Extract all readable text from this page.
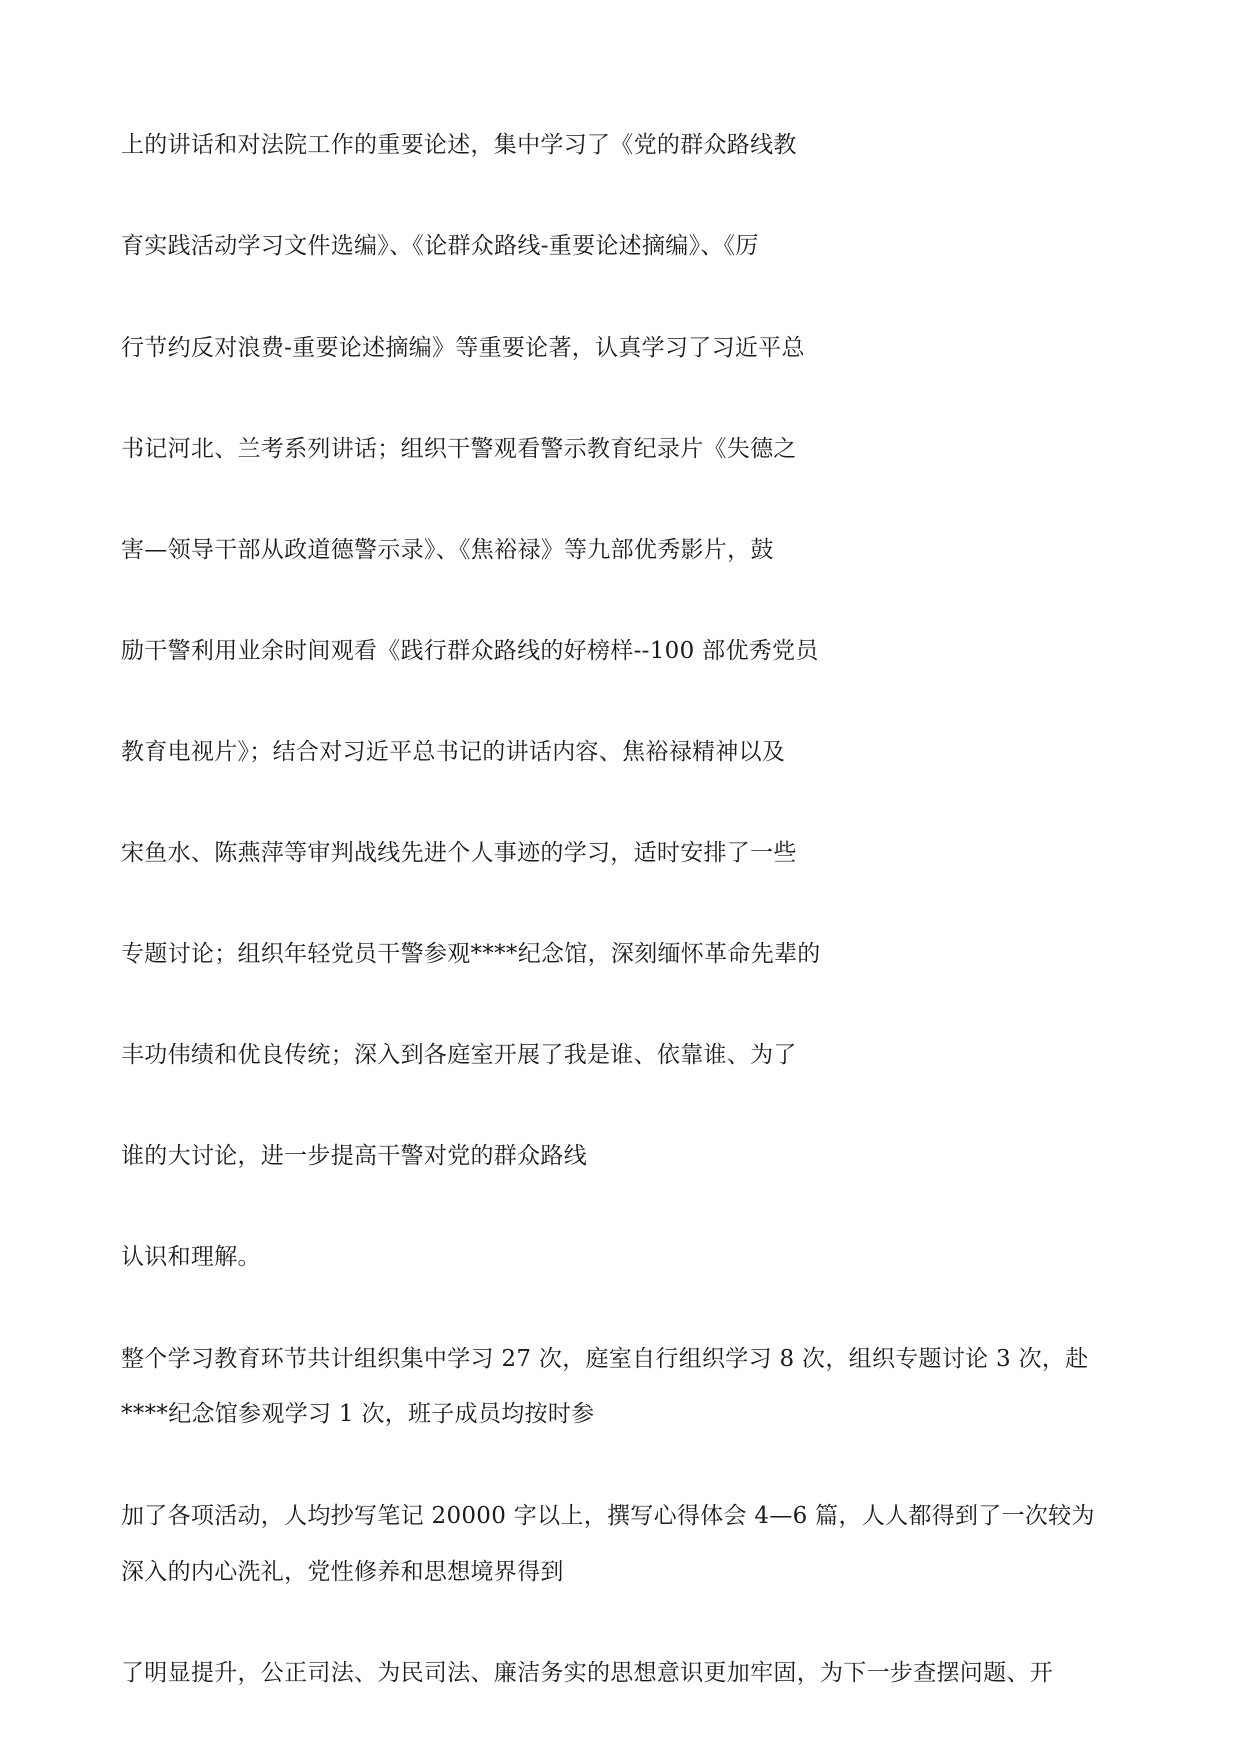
上的讲话和对法院工作的重要论述，集中学习了《党的群众路线教

育实践活动学习文件选编》、《论群众路线-重要论述摘编》、《厉

行节约反对浪费-重要论述摘编》等重要论著，认真学习了习近平总

书记河北、兰考系列讲话；组织干警观看警示教育纪录片《失德之

害—领导干部从政道德警示录》、《焦裕禄》等九部优秀影片，鼓

励干警利用业余时间观看《践行群众路线的好榜样--100 部优秀党员

教育电视片》；结合对习近平总书记的讲话内容、焦裕禄精神以及

宋鱼水、陈燕萍等审判战线先进个人事迹的学习，适时安排了一些

专题讨论；组织年轻党员干警参观****纪念馆，深刻缅怀革命先辈的

丰功伟绩和优良传统；深入到各庭室开展了我是谁、依靠谁、为了

谁的大讨论，进一步提高干警对党的群众路线

认识和理解。

整个学习教育环节共计组织集中学习 27 次，庭室自行组织学习 8 次，组织专题讨论 3 次，赴

****纪念馆参观学习 1 次，班子成员均按时参

加了各项活动，人均抄写笔记 20000 字以上，撰写心得体会 4—6 篇，人人都得到了一次较为

深入的内心洗礼，党性修养和思想境界得到

了明显提升，公正司法、为民司法、廉洁务实的思想意识更加牢固，为下一步查摆问题、开
